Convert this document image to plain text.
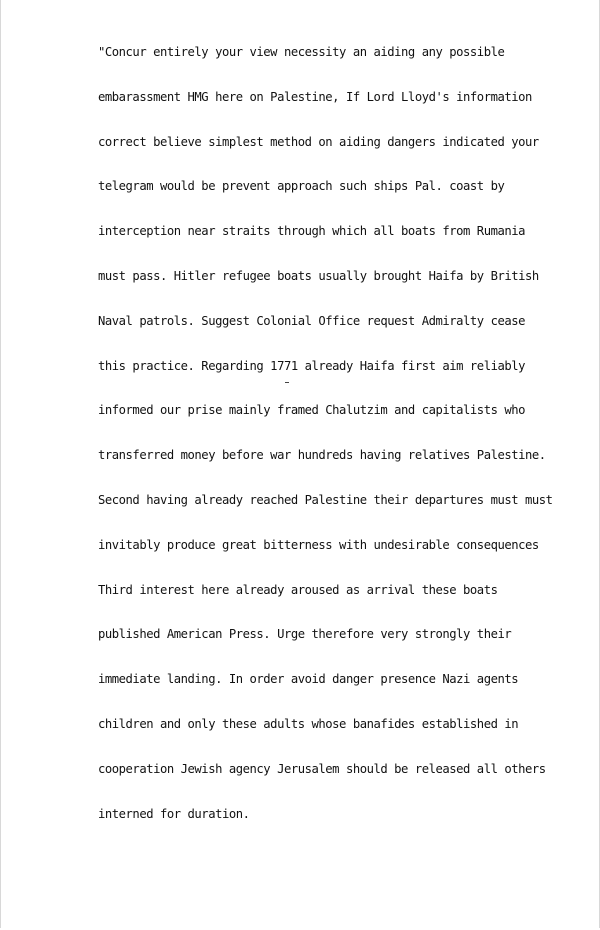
"Concur entirely your view necessity an aiding any possible
embarassment HMG here on Palestine, If Lord Lloyd's information
correct believe simplest method on aiding dangers indicated your
telegram would be prevent approach such ships Pal. coast by
interception near straits through which all boats from Rumania
must pass. Hitler refugee boats usually brought Haifa by British
Naval patrols. Suggest Colonial Office request Admiralty cease
this practice. Regarding 1771 already Haifa first aim reliably
informed our prise mainly framed Chalutzim and capitalists who
transferred money before war hundreds having relatives Palestine.
Second having already reached Palestine their departures must must
invitably produce great bitterness with undesirable consequences
Third interest here already aroused as arrival these boats
published American Press. Urge therefore very strongly their
immediate landing. In order avoid danger presence Nazi agents
children and only these adults whose banafides established in
cooperation Jewish agency Jerusalem should be released all others
interned for duration.
